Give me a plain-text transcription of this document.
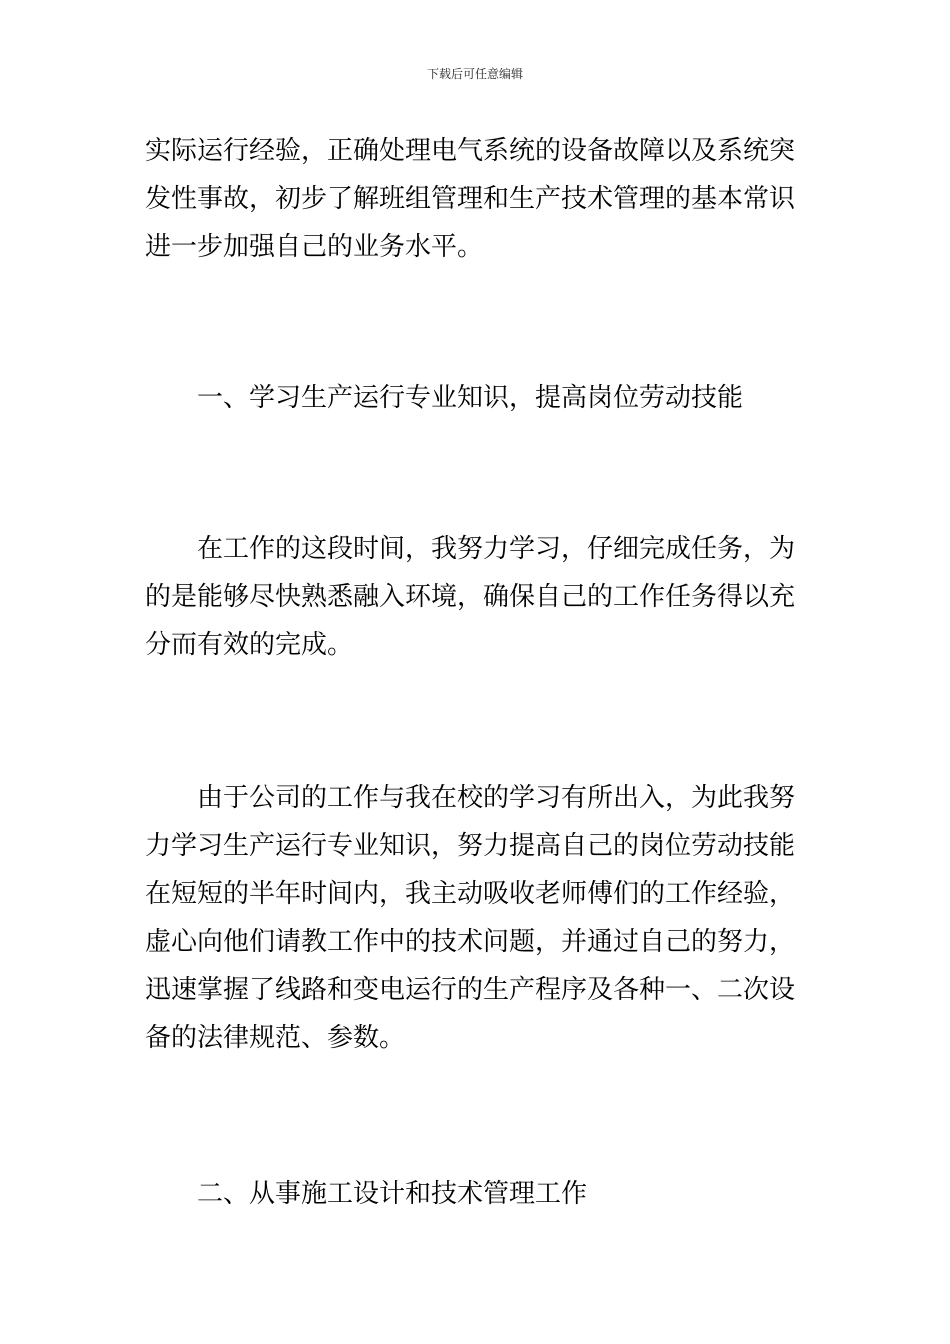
下载后可任意编辑
实际运行经验，正确处理电气系统的设备故障以及系统突
发性事故，初步了解班组管理和生产技术管理的基本常识
进一步加强自己的业务水平。
一、学习生产运行专业知识，提高岗位劳动技能
在工作的这段时间，我努力学习，仔细完成任务，为
的是能够尽快熟悉融入环境，确保自己的工作任务得以充
分而有效的完成。
由于公司的工作与我在校的学习有所出入，为此我努
力学习生产运行专业知识，努力提高自己的岗位劳动技能
在短短的半年时间内，我主动吸收老师傅们的工作经验，
虚心向他们请教工作中的技术问题，并通过自己的努力，
迅速掌握了线路和变电运行的生产程序及各种一、二次设
备的法律规范、参数。
二、从事施工设计和技术管理工作
